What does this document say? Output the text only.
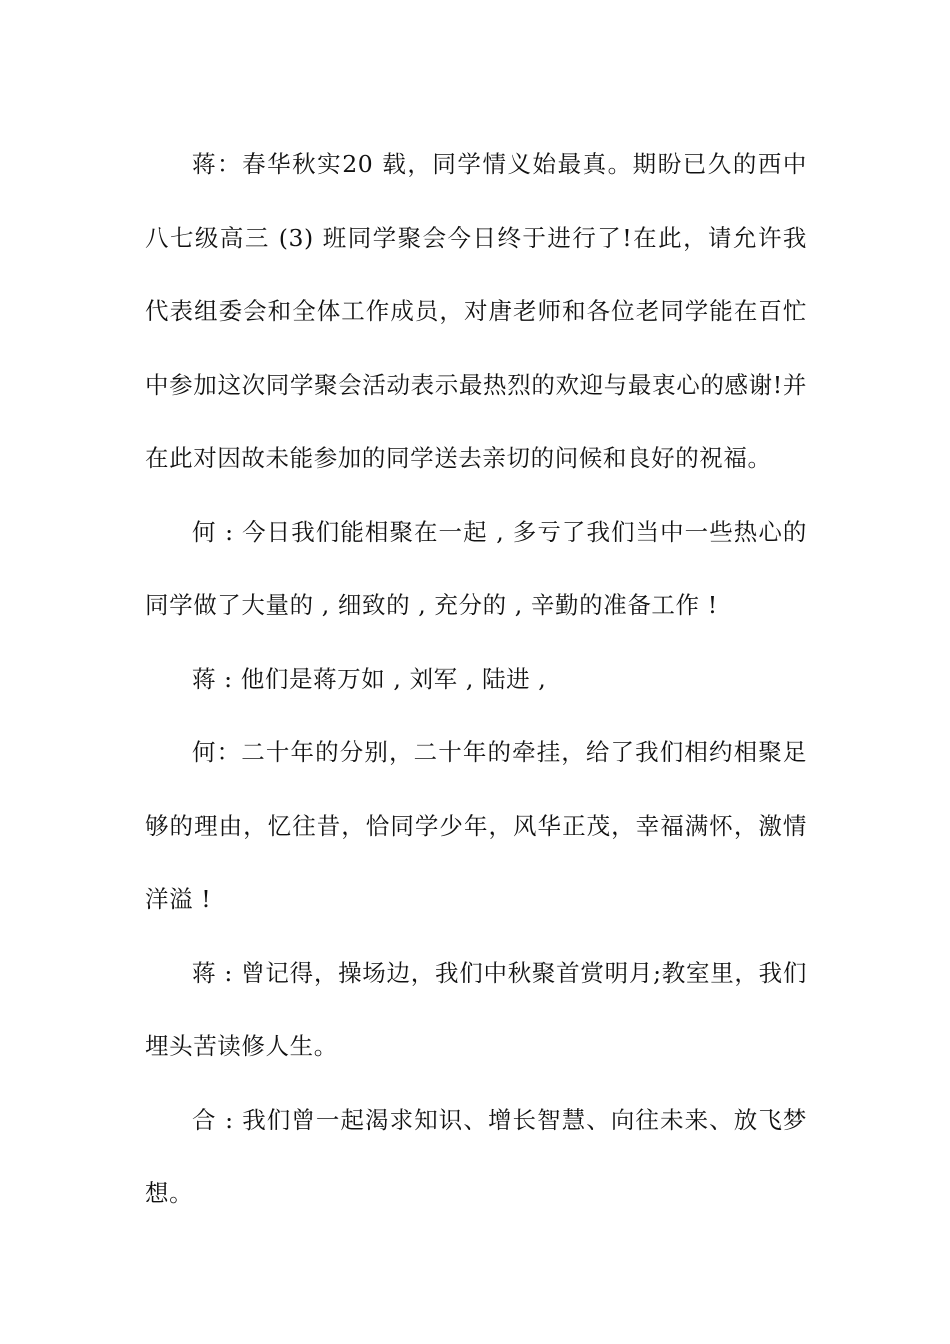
蒋：春华秋实20 载，同学情义始最真。期盼已久的西中八七级高三 (3) 班同学聚会今日终于进行了!在此，请允许我代表组委会和全体工作成员，对唐老师和各位老同学能在百忙中参加这次同学聚会活动表示最热烈的欢迎与最衷心的感谢!并在此对因故未能参加的同学送去亲切的问候和良好的祝福。

何 : 今日我们能相聚在一起 , 多亏了我们当中一些热心的同学做了大量的 , 细致的 , 充分的 , 辛勤的准备工作 !

蒋 : 他们是蒋万如 , 刘军 , 陆进 ,

何：二十年的分别，二十年的牵挂，给了我们相约相聚足够的理由，忆往昔，恰同学少年，风华正茂，幸福满怀，激情洋溢 !

蒋 : 曾记得，操场边，我们中秋聚首赏明月;教室里，我们埋头苦读修人生。

合 : 我们曾一起渴求知识、增长智慧、向往未来、放飞梦想。
